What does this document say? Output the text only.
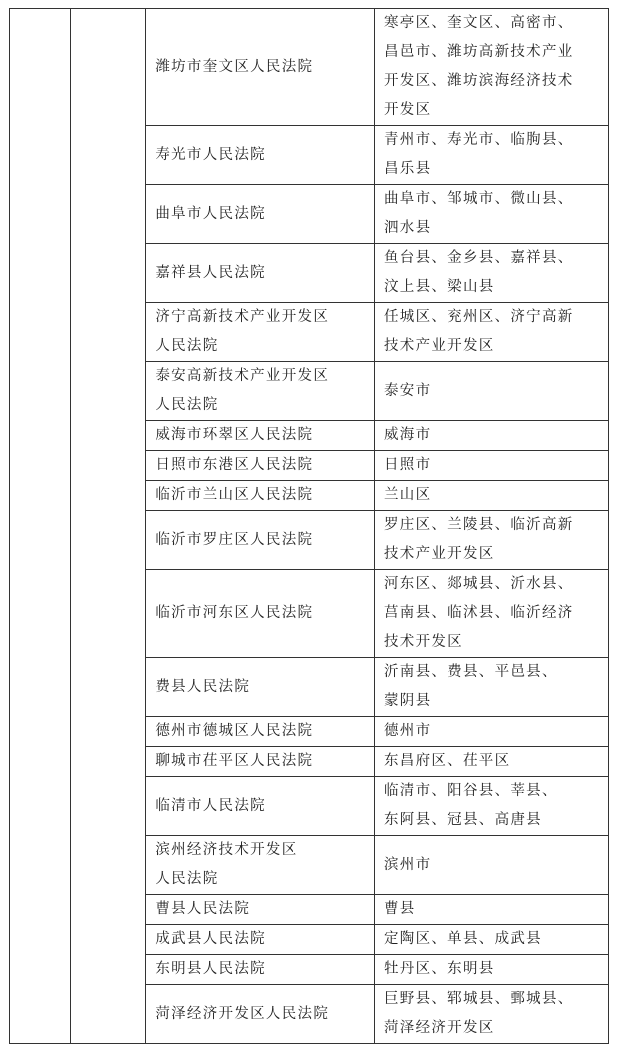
		潍坊市奎文区人民法院	寒亭区、奎文区、高密市、
昌邑市、潍坊高新技术产业
开发区、潍坊滨海经济技术
开发区

		寿光市人民法院	青州市、寿光市、临朐县、
昌乐县

		曲阜市人民法院	曲阜市、邹城市、微山县、
泗水县

		嘉祥县人民法院	鱼台县、金乡县、嘉祥县、
汶上县、梁山县

		济宁高新技术产业开发区
人民法院	任城区、兖州区、济宁高新
技术产业开发区

		泰安高新技术产业开发区
人民法院	泰安市

		威海市环翠区人民法院	威海市

		日照市东港区人民法院	日照市

		临沂市兰山区人民法院	兰山区

		临沂市罗庄区人民法院	罗庄区、兰陵县、临沂高新
技术产业开发区

		临沂市河东区人民法院	河东区、郯城县、沂水县、
莒南县、临沭县、临沂经济
技术开发区

		费县人民法院	沂南县、费县、平邑县、
蒙阴县

		德州市德城区人民法院	德州市

		聊城市茌平区人民法院	东昌府区、茌平区

		临清市人民法院	临清市、阳谷县、莘县、
东阿县、冠县、高唐县

		滨州经济技术开发区
人民法院	滨州市

		曹县人民法院	曹县

		成武县人民法院	定陶区、单县、成武县

		东明县人民法院	牡丹区、东明县

		菏泽经济开发区人民法院	巨野县、郓城县、鄄城县、
菏泽经济开发区
